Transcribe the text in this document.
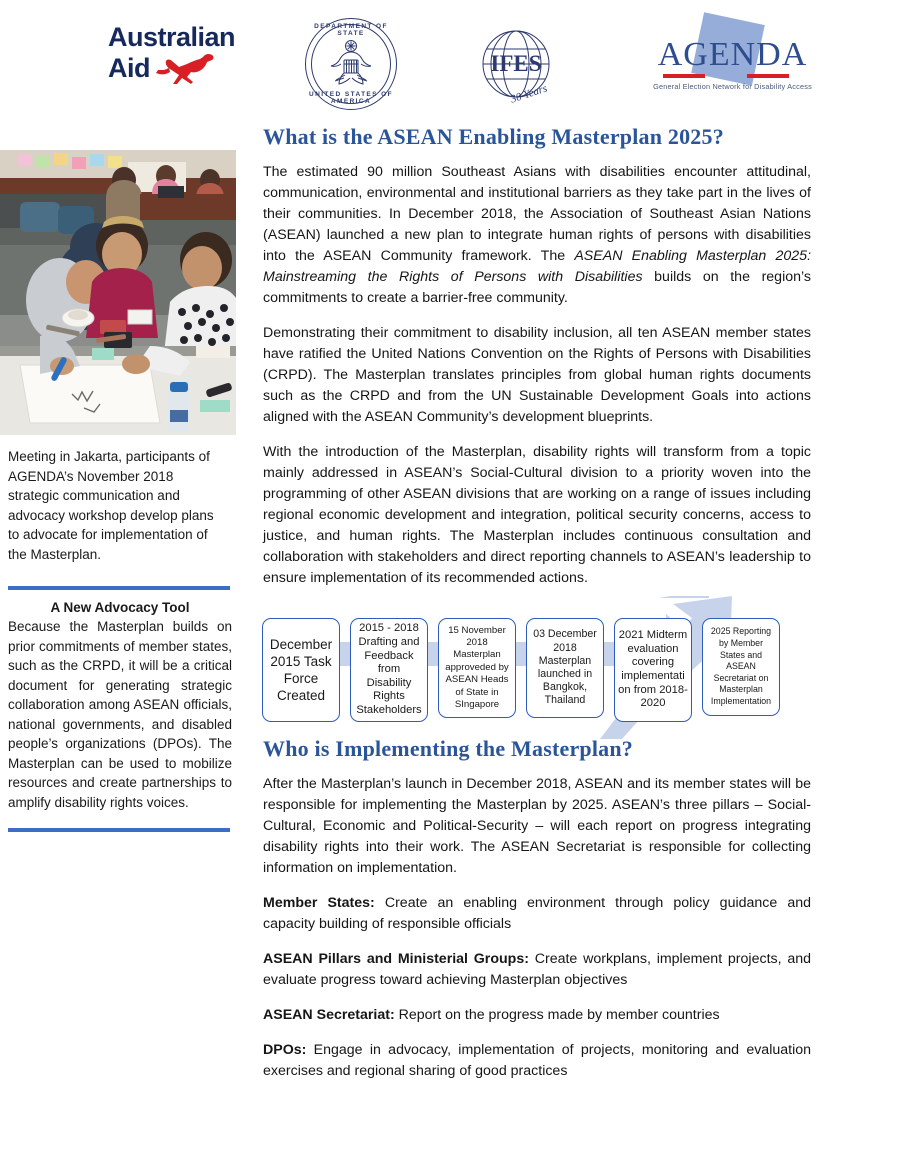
Australian
Aid
DEPARTMENT OF STATE
UNITED STATES OF AMERICA
IFES
30 Years
AGENDA
General Election Network for Disability Access
Meeting in Jakarta, participants of AGENDA’s November 2018 strategic communication and advocacy workshop develop plans to advocate for implementation of the Masterplan.
A New Advocacy Tool
Because the Masterplan builds on prior commitments of member states, such as the CRPD, it will be a critical document for generating strategic collaboration among ASEAN officials, national governments, and disabled people’s organizations (DPOs). The Masterplan can be used to mobilize resources and create partnerships to amplify disability rights voices.
What is the ASEAN Enabling Masterplan 2025?

The estimated 90 million Southeast Asians with disabilities encounter attitudinal, communication, environmental and institutional barriers as they take part in the lives of their communities. In December 2018, the Association of Southeast Asian Nations (ASEAN) launched a new plan to integrate human rights of persons with disabilities into the ASEAN Community framework. The ASEAN Enabling Masterplan 2025: Mainstreaming the Rights of Persons with Disabilities builds on the region’s commitments to create a barrier-free community.

Demonstrating their commitment to disability inclusion, all ten ASEAN member states have ratified the United Nations Convention on the Rights of Persons with Disabilities (CRPD). The Masterplan translates principles from global human rights documents such as the CRPD and from the UN Sustainable Development Goals into actions aligned with the ASEAN Community’s development blueprints.

With the introduction of the Masterplan, disability rights will transform from a topic mainly addressed in ASEAN’s Social-Cultural division to a priority woven into the programming of other ASEAN divisions that are working on a range of issues including regional economic development and integration, political security concerns, access to justice, and human rights. The Masterplan includes continuous consultation and collaboration with stakeholders and direct reporting channels to ASEAN’s leadership to ensure implementation of its recommended actions.

December 2015 Task Force Created
2015 - 2018 Drafting and Feedback from Disability Rights Stakeholders
15 November 2018 Masterplan approveded by ASEAN Heads of State in SIngapore
03 December 2018 Masterplan launched in Bangkok, Thailand
2021 Midterm evaluation covering implementati on from 2018-2020
2025 Reporting by Member States and ASEAN Secretariat on Masterplan Implementation
Who is Implementing the Masterplan?

After the Masterplan’s launch in December 2018, ASEAN and its member states will be responsible for implementing the Masterplan by 2025. ASEAN’s three pillars – Social-Cultural, Economic and Political-Security – will each report on progress integrating disability rights into their work. The ASEAN Secretariat is responsible for collecting information on implementation.

Member States: Create an enabling environment through policy guidance and capacity building of responsible officials

ASEAN Pillars and Ministerial Groups: Create workplans, implement projects, and evaluate progress toward achieving Masterplan objectives

ASEAN Secretariat: Report on the progress made by member countries

DPOs: Engage in advocacy, implementation of projects, monitoring and evaluation exercises and regional sharing of good practices
